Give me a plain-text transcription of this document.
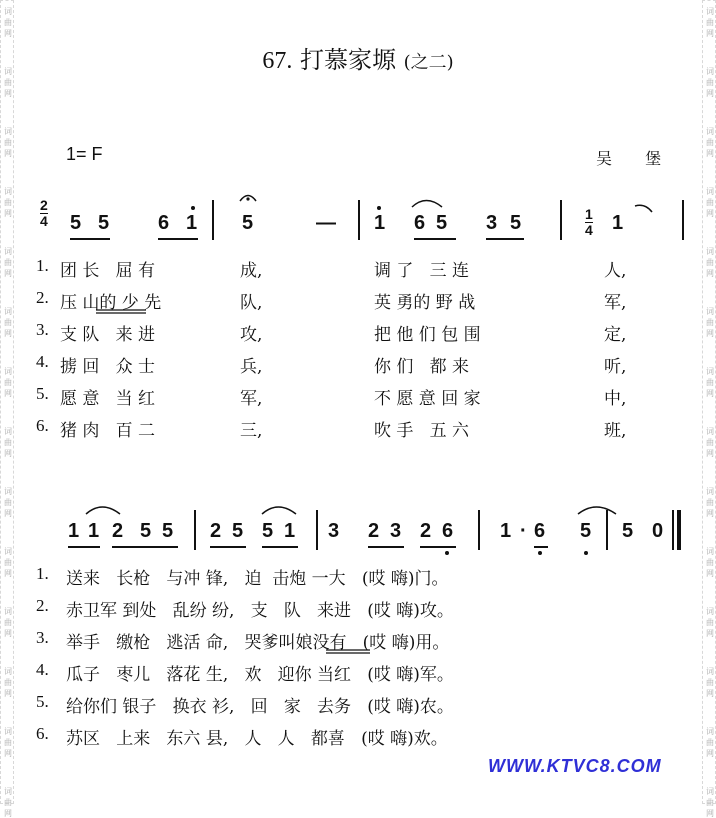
词
曲
网
词
曲
网
词
曲
网
词
曲
网
词
曲
网
词
曲
网
词
曲
网
词
曲
网
词
曲
网
词
曲
网
词
曲
网
词
曲
网
词
曲
网
词
曲
网
词
曲
网
词
曲
网
词
曲
网
词
曲
网
词
曲
网
词
曲
网
词
曲
网
词
曲
网
词
曲
网
词
曲
网
词
曲
网
词
曲
网
词
曲
网
词
曲
网
67. 打慕家塬 (之二)
1= F	吴 堡
2
4	1
4
5 5 6 1 5	— 1 6 5 3 5	1
1. 团 长   屈 有	成,	调 了   三 连	人,
2. 压 山的 少 先	队,	英 勇的 野 战	军,
3. 支 队   来 进	攻,	把 他 们 包 围	定,
4. 掳 回   众 士	兵,	你 们   都 来	听,
5. 愿 意   当 红	军,	不 愿 意 回 家	中,
6. 猪 肉   百 二	三,	吹 手   五 六	班,
1 1 2 5 5 2 5 5 1 3 2 3 2 6 1 · 6 5 5 0
1. 送来   长枪   与冲 锋,   迫  击炮 一大   (哎 嗨)门。
2. 赤卫军 到处   乱纷 纷,   支   队   来进   (哎 嗨)攻。
3. 举手   缴枪   逃活 命,   哭爹叫娘没有   (哎 嗨)用。
4. 瓜子   枣儿   落花 生,   欢   迎你 当红   (哎 嗨)军。
5. 给你们 银子   换衣 衫,   回   家   去务   (哎 嗨)农。
6. 苏区   上来   东六 县,   人   人   都喜   (哎 嗨)欢。
WWW.KTVC8.COM
